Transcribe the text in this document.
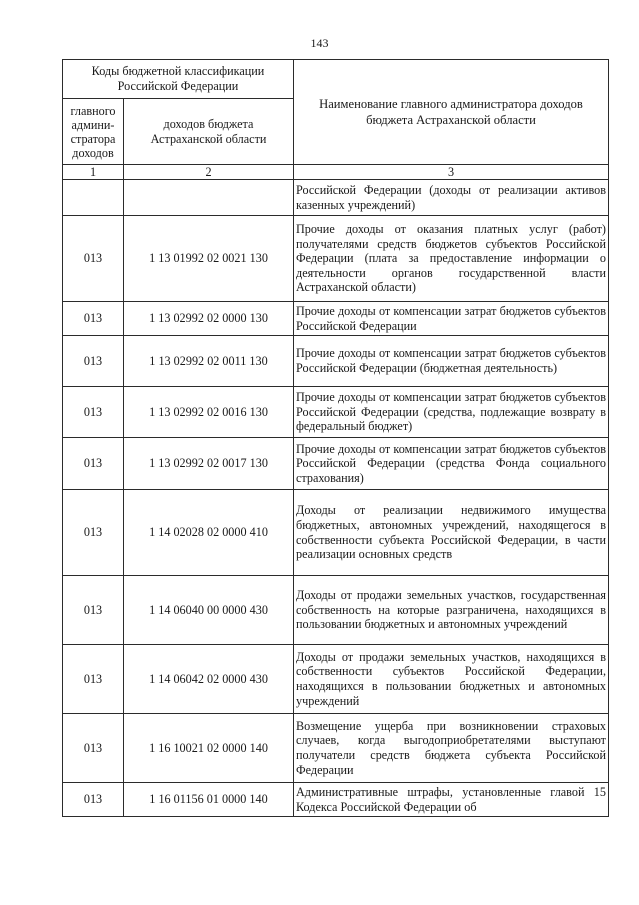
143
Коды бюджетной классификации Российской Федерации		Наименование главного администратора доходов бюджета Астраханской области
главного админи-стратора доходов	доходов бюджета Астраханской области	
1	2	3
		Российской Федерации (доходы от реализации активов казенных учреждений)
013	1 13 01992 02 0021 130	Прочие доходы от оказания платных услуг (работ) получателями средств бюджетов субъектов Российской Федерации (плата за предоставление информации о деятельности органов государственной власти Астраханской области)
013	1 13 02992 02 0000 130	Прочие доходы от компенсации затрат бюджетов субъектов Российской Федерации
013	1 13 02992 02 0011 130	Прочие доходы от компенсации затрат бюджетов субъектов Российской Федерации (бюджетная деятельность)
013	1 13 02992 02 0016 130	Прочие доходы от компенсации затрат бюджетов субъектов Российской Федерации (средства, подлежащие возврату в федеральный бюджет)
013	1 13 02992 02 0017 130	Прочие доходы от компенсации затрат бюджетов субъектов Российской Федерации (средства Фонда социального страхования)
013	1 14 02028 02 0000 410	Доходы от реализации недвижимого имущества бюджетных, автономных учреждений, находящегося в собственности субъекта Российской Федерации, в части реализации основных средств
013	1 14 06040 00 0000 430	Доходы от продажи земельных участков, государственная собственность на которые разграничена, находящихся в пользовании бюджетных и автономных учреждений
013	1 14 06042 02 0000 430	Доходы от продажи земельных участков, находящихся в собственности субъектов Российской Федерации, находящихся в пользовании бюджетных и автономных учреждений
013	1 16 10021 02 0000 140	Возмещение ущерба при возникновении страховых случаев, когда выгодоприобретателями выступают получатели средств бюджета субъекта Российской Федерации
013	1 16 01156 01 0000 140	Административные штрафы, установленные главой 15 Кодекса Российской Федерации об
